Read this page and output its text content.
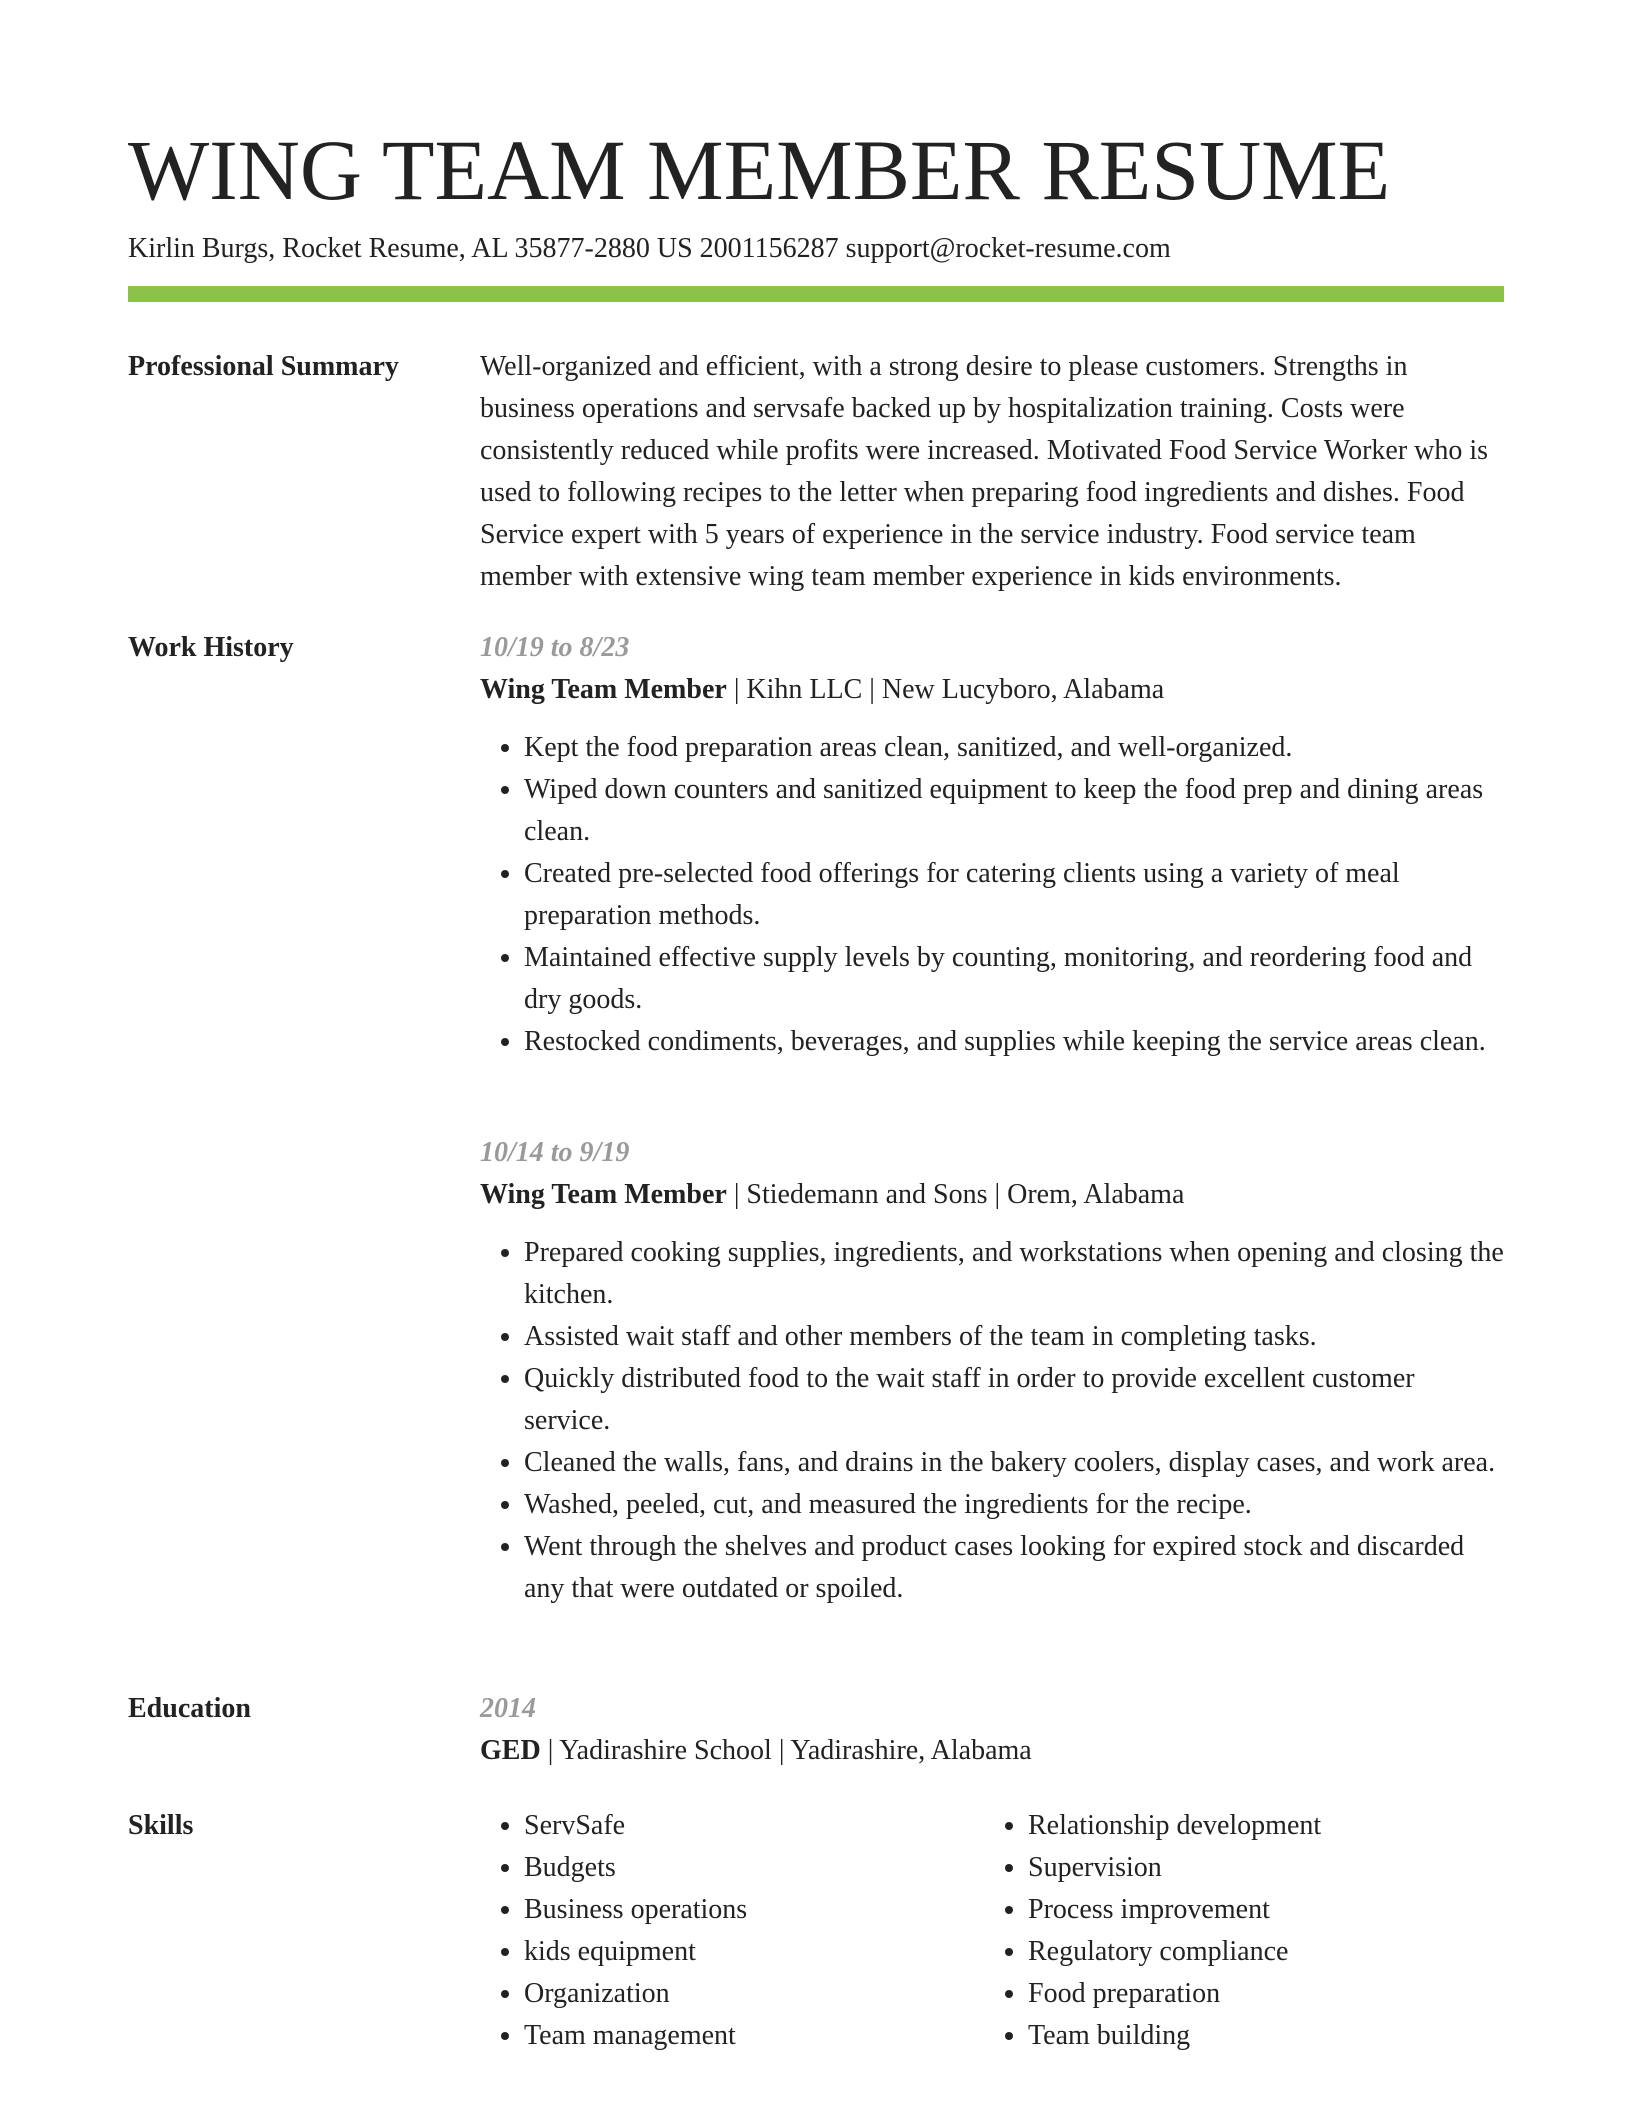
WING TEAM MEMBER RESUME
Kirlin Burgs, Rocket Resume, AL 35877-2880 US 2001156287 support@rocket-resume.com
Professional Summary	Well-organized and efficient, with a strong desire to please customers. Strengths in business operations and servsafe backed up by hospitalization training. Costs were consistently reduced while profits were increased. Motivated Food Service Worker who is used to following recipes to the letter when preparing food ingredients and dishes. Food Service expert with 5 years of experience in the service industry. Food service team member with extensive wing team member experience in kids environments.

Work History	10/19 to 8/23
Wing Team Member | Kihn LLC | New Lucyboro, Alabama
• Kept the food preparation areas clean, sanitized, and well-organized.
• Wiped down counters and sanitized equipment to keep the food prep and dining areas clean.
• Created pre-selected food offerings for catering clients using a variety of meal preparation methods.
• Maintained effective supply levels by counting, monitoring, and reordering food and dry goods.
• Restocked condiments, beverages, and supplies while keeping the service areas clean.
10/14 to 9/19
Wing Team Member | Stiedemann and Sons | Orem, Alabama
• Prepared cooking supplies, ingredients, and workstations when opening and closing the kitchen.
• Assisted wait staff and other members of the team in completing tasks.
• Quickly distributed food to the wait staff in order to provide excellent customer service.
• Cleaned the walls, fans, and drains in the bakery coolers, display cases, and work area.
• Washed, peeled, cut, and measured the ingredients for the recipe.
• Went through the shelves and product cases looking for expired stock and discarded any that were outdated or spoiled.
Education	2014
GED | Yadirashire School | Yadirashire, Alabama
Skills
•	ServSafe
• Budgets
• Business operations
• kids equipment
• Organization
• Team management
• Relationship development
• Supervision
• Process improvement
• Regulatory compliance
• Food preparation
• Team building
